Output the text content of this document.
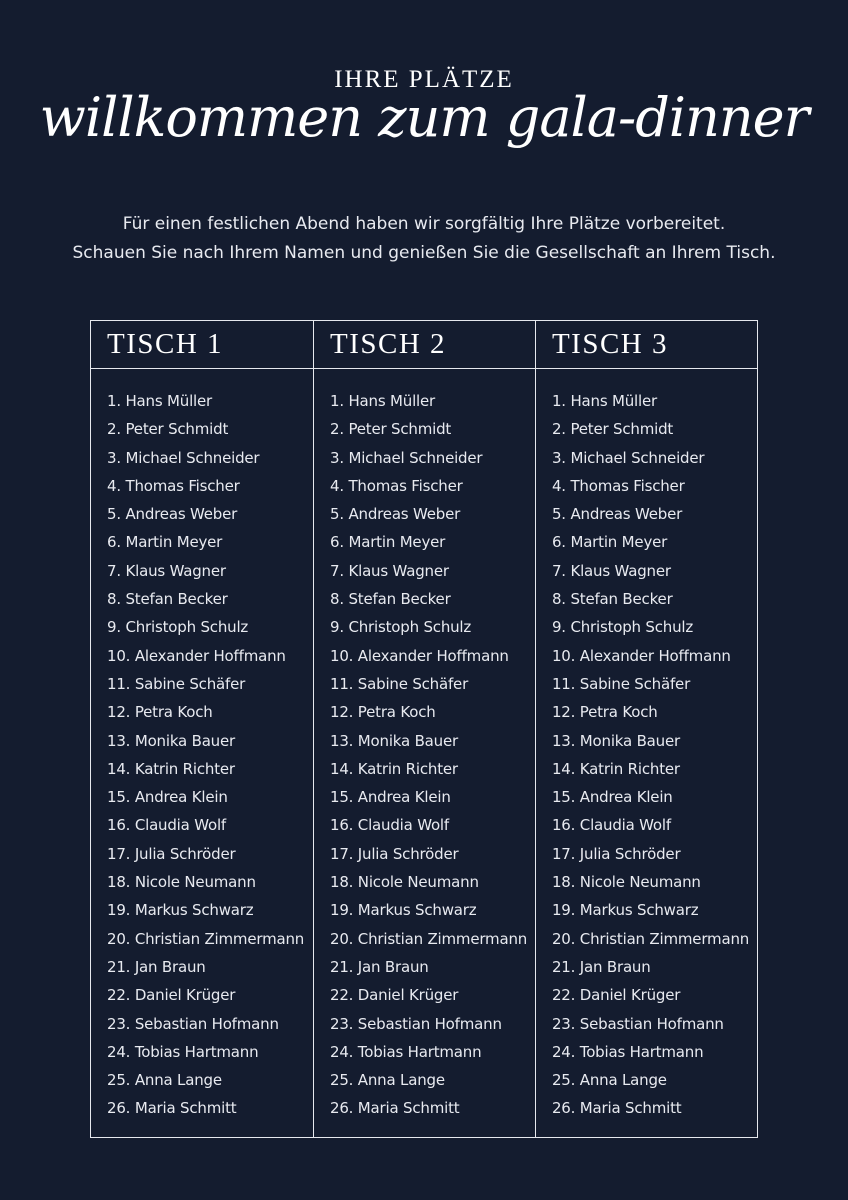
IHRE PLÄTZE
willkommen zum gala-dinner
Für einen festlichen Abend haben wir sorgfältig Ihre Plätze vorbereitet.
Schauen Sie nach Ihrem Namen und genießen Sie die Gesellschaft an Ihrem Tisch.
TISCH 1
1. Hans Müller
2. Peter Schmidt
3. Michael Schneider
4. Thomas Fischer
5. Andreas Weber
6. Martin Meyer
7. Klaus Wagner
8. Stefan Becker
9. Christoph Schulz
10. Alexander Hoffmann
11. Sabine Schäfer
12. Petra Koch
13. Monika Bauer
14. Katrin Richter
15. Andrea Klein
16. Claudia Wolf
17. Julia Schröder
18. Nicole Neumann
19. Markus Schwarz
20. Christian Zimmermann
21. Jan Braun
22. Daniel Krüger
23. Sebastian Hofmann
24. Tobias Hartmann
25. Anna Lange
26. Maria Schmitt
TISCH 2
1. Hans Müller
2. Peter Schmidt
3. Michael Schneider
4. Thomas Fischer
5. Andreas Weber
6. Martin Meyer
7. Klaus Wagner
8. Stefan Becker
9. Christoph Schulz
10. Alexander Hoffmann
11. Sabine Schäfer
12. Petra Koch
13. Monika Bauer
14. Katrin Richter
15. Andrea Klein
16. Claudia Wolf
17. Julia Schröder
18. Nicole Neumann
19. Markus Schwarz
20. Christian Zimmermann
21. Jan Braun
22. Daniel Krüger
23. Sebastian Hofmann
24. Tobias Hartmann
25. Anna Lange
26. Maria Schmitt
TISCH 3
1. Hans Müller
2. Peter Schmidt
3. Michael Schneider
4. Thomas Fischer
5. Andreas Weber
6. Martin Meyer
7. Klaus Wagner
8. Stefan Becker
9. Christoph Schulz
10. Alexander Hoffmann
11. Sabine Schäfer
12. Petra Koch
13. Monika Bauer
14. Katrin Richter
15. Andrea Klein
16. Claudia Wolf
17. Julia Schröder
18. Nicole Neumann
19. Markus Schwarz
20. Christian Zimmermann
21. Jan Braun
22. Daniel Krüger
23. Sebastian Hofmann
24. Tobias Hartmann
25. Anna Lange
26. Maria Schmitt
